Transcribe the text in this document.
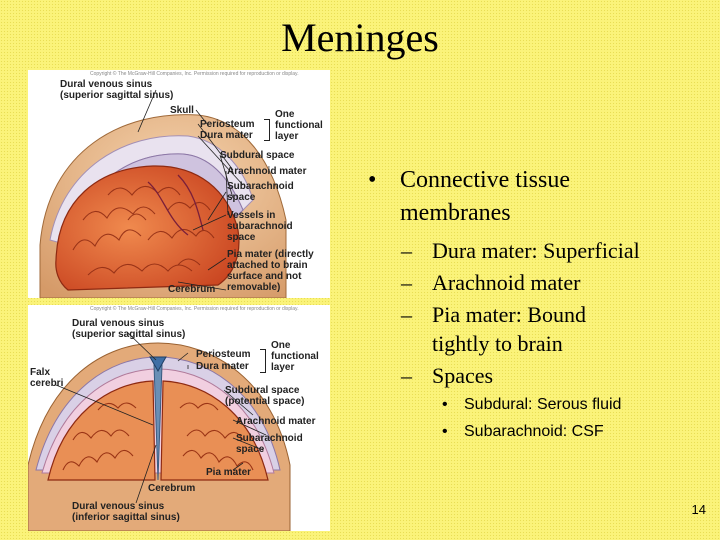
Meninges
Copyright © The McGraw-Hill Companies, Inc. Permission required for reproduction or display.
Dural venous sinus
(superior sagittal sinus)
Skull
Periosteum
Dura mater
One
functional
layer
Subdural space
Arachnoid mater
Subarachnoid
space
Vessels in
subarachnoid
space
Pia mater (directly
attached to brain
surface and not
removable)
Cerebrum
Copyright © The McGraw-Hill Companies, Inc. Permission required for reproduction or display.
Dural venous sinus
(superior sagittal sinus)
Falx
cerebri
Periosteum
Dura mater
One
functional
layer
Subdural space
(potential space)
Arachnoid mater
Subarachnoid
space
Pia mater
Cerebrum
Dural venous sinus
(inferior sagittal sinus)
• Connective tissue
membranes
– Dura mater: Superficial
– Arachnoid mater
– Pia mater: Bound
tightly to brain
– Spaces
• Subdural: Serous fluid
• Subarachnoid: CSF
14
